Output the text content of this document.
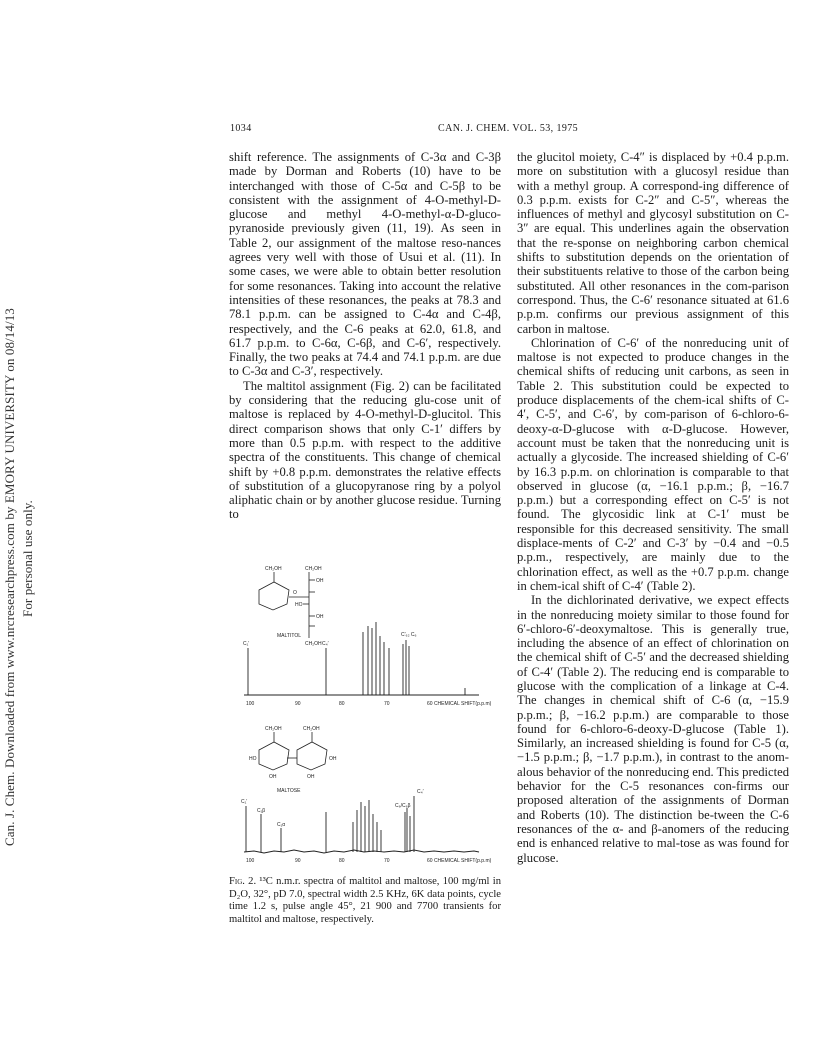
Can. J. Chem. Downloaded from www.nrcresearchpress.com by EMORY UNIVERSITY on 08/14/13 For personal use only.
1034	CAN. J. CHEM. VOL. 53, 1975

shift reference. The assignments of C-3α and C-3β made by Dorman and Roberts (10) have to be interchanged with those of C-5α and C-5β to be consistent with the assignment of 4-O-methyl-D-glucose and methyl 4-O-methyl-α-D-gluco-pyranoside previously given (11, 19). As seen in Table 2, our assignment of the maltose reso-nances agrees very well with those of Usui et al. (11). In some cases, we were able to obtain better resolution for some resonances. Taking into account the relative intensities of these resonances, the peaks at 78.3 and 78.1 p.p.m. can be assigned to C-4α and C-4β, respectively, and the C-6 peaks at 62.0, 61.8, and 61.7 p.p.m. to C-6α, C-6β, and C-6′, respectively. Finally, the two peaks at 74.4 and 74.1 p.p.m. are due to C-3α and C-3′, respectively.

The maltitol assignment (Fig. 2) can be facilitated by considering that the reducing glu-cose unit of maltose is replaced by 4-O-methyl-D-glucitol. This direct comparison shows that only C-1′ differs by more than 0.5 p.p.m. with respect to the additive spectra of the constituents. This change of chemical shift by +0.8 p.p.m. demonstrates the relative effects of substitution of a glucopyranose ring by a polyol aliphatic chain or by another glucose residue. Turning to

the glucitol moiety, C-4″ is displaced by +0.4 p.p.m. more on substitution with a glucosyl residue than with a methyl group. A correspond-ing difference of 0.3 p.p.m. exists for C-2″ and C-5″, whereas the influences of methyl and glycosyl substitution on C-3″ are equal. This underlines again the observation that the re-sponse on neighboring carbon chemical shifts to substitution depends on the orientation of their substituents relative to those of the carbon being substituted. All other resonances in the com-parison correspond. Thus, the C-6′ resonance situated at 61.6 p.p.m. confirms our previous assignment of this carbon in maltose.

Chlorination of C-6′ of the nonreducing unit of maltose is not expected to produce changes in the chemical shifts of reducing unit carbons, as seen in Table 2. This substitution could be expected to produce displacements of the chem-ical shifts of C-4′, C-5′, and C-6′, by com-parison of 6-chloro-6-deoxy-α-D-glucose with α-D-glucose. However, account must be taken that the nonreducing unit is actually a glycoside. The increased shielding of C-6′ by 16.3 p.p.m. on chlorination is comparable to that observed in glucose (α, −16.1 p.p.m.; β, −16.7 p.p.m.) but a corresponding effect on C-5′ is not found. The glycosidic link at C-1′ must be responsible for this decreased sensitivity. The small displace-ments of C-2′ and C-3′ by −0.4 and −0.5 p.p.m., respectively, are mainly due to the chlorination effect, as well as the +0.7 p.p.m. change in chem-ical shift of C-4′ (Table 2).

In the dichlorinated derivative, we expect effects in the nonreducing moiety similar to those found for 6′-chloro-6′-deoxymaltose. This is generally true, including the absence of an effect of chlorination on the chemical shift of C-5′ and the decreased shielding of C-4′ (Table 2). The reducing end is comparable to glucose with the complication of a linkage at C-4. The changes in chemical shift of C-6 (α, −15.9 p.p.m.; β, −16.2 p.p.m.) are comparable to those found for 6-chloro-6-deoxy-D-glucose (Table 1). Similarly, an increased shielding is found for C-5 (α, −1.5 p.p.m.; β, −1.7 p.p.m.), in contrast to the anom-alous behavior of the nonreducing end. This predicted behavior for the C-5 resonances con-firms our proposed alteration of the assignments of Dorman and Roberts (10). The distinction be-tween the C-6 resonances of the α- and β-anomers of the reducing end is enhanced relative to mal-tose as was found for glucose.

CH₂OH	CH₂OH
OH
HO
OH
O
CH₂OH
MALTITOL
C₁′	C₄′
C′₆₂ C₆
100	90	80	70	60 CHEMICAL SHIFT(p.p.m)
CH₂OH	CH₂OH
OH
HO
OH	OH
MALTOSE
C₁′
C₁β
C₁α
C₄′
C₆/C₆β
100	90	80	70	60 CHEMICAL SHIFT(p.p.m)
Fig. 2. ¹³C n.m.r. spectra of maltitol and maltose, 100 mg/ml in D₂O, 32°, pD 7.0, spectral width 2.5 KHz, 6K data points, cycle time 1.2 s, pulse angle 45°, 21 900 and 7700 transients for maltitol and maltose, respectively.
